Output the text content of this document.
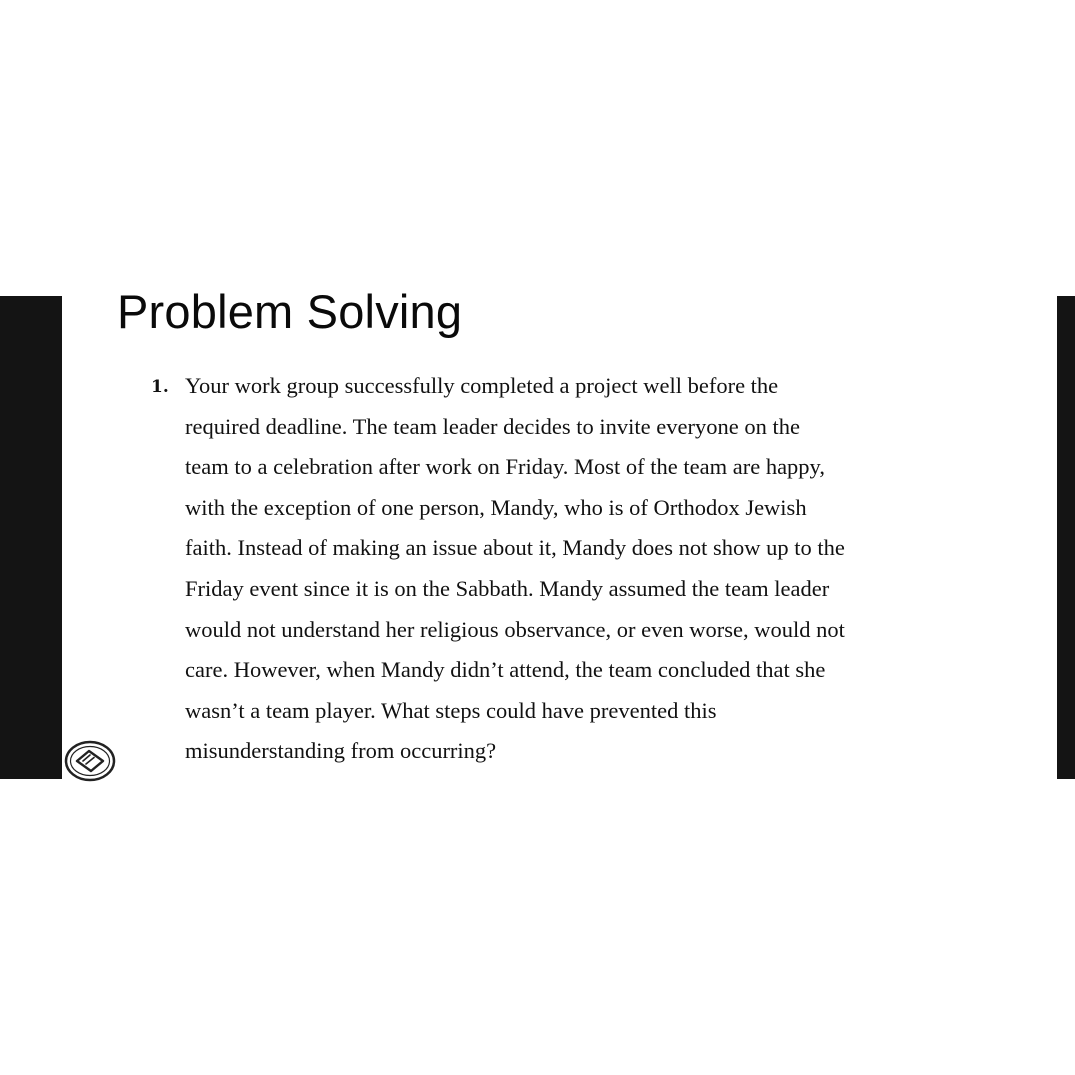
Problem Solving
1. Your work group successfully completed a project well before the
required deadline. The team leader decides to invite everyone on the
team to a celebration after work on Friday. Most of the team are happy,
with the exception of one person, Mandy, who is of Orthodox Jewish
faith. Instead of making an issue about it, Mandy does not show up to the
Friday event since it is on the Sabbath. Mandy assumed the team leader
would not understand her religious observance, or even worse, would not
care. However, when Mandy didn’t attend, the team concluded that she
wasn’t a team player. What steps could have prevented this
misunderstanding from occurring?
